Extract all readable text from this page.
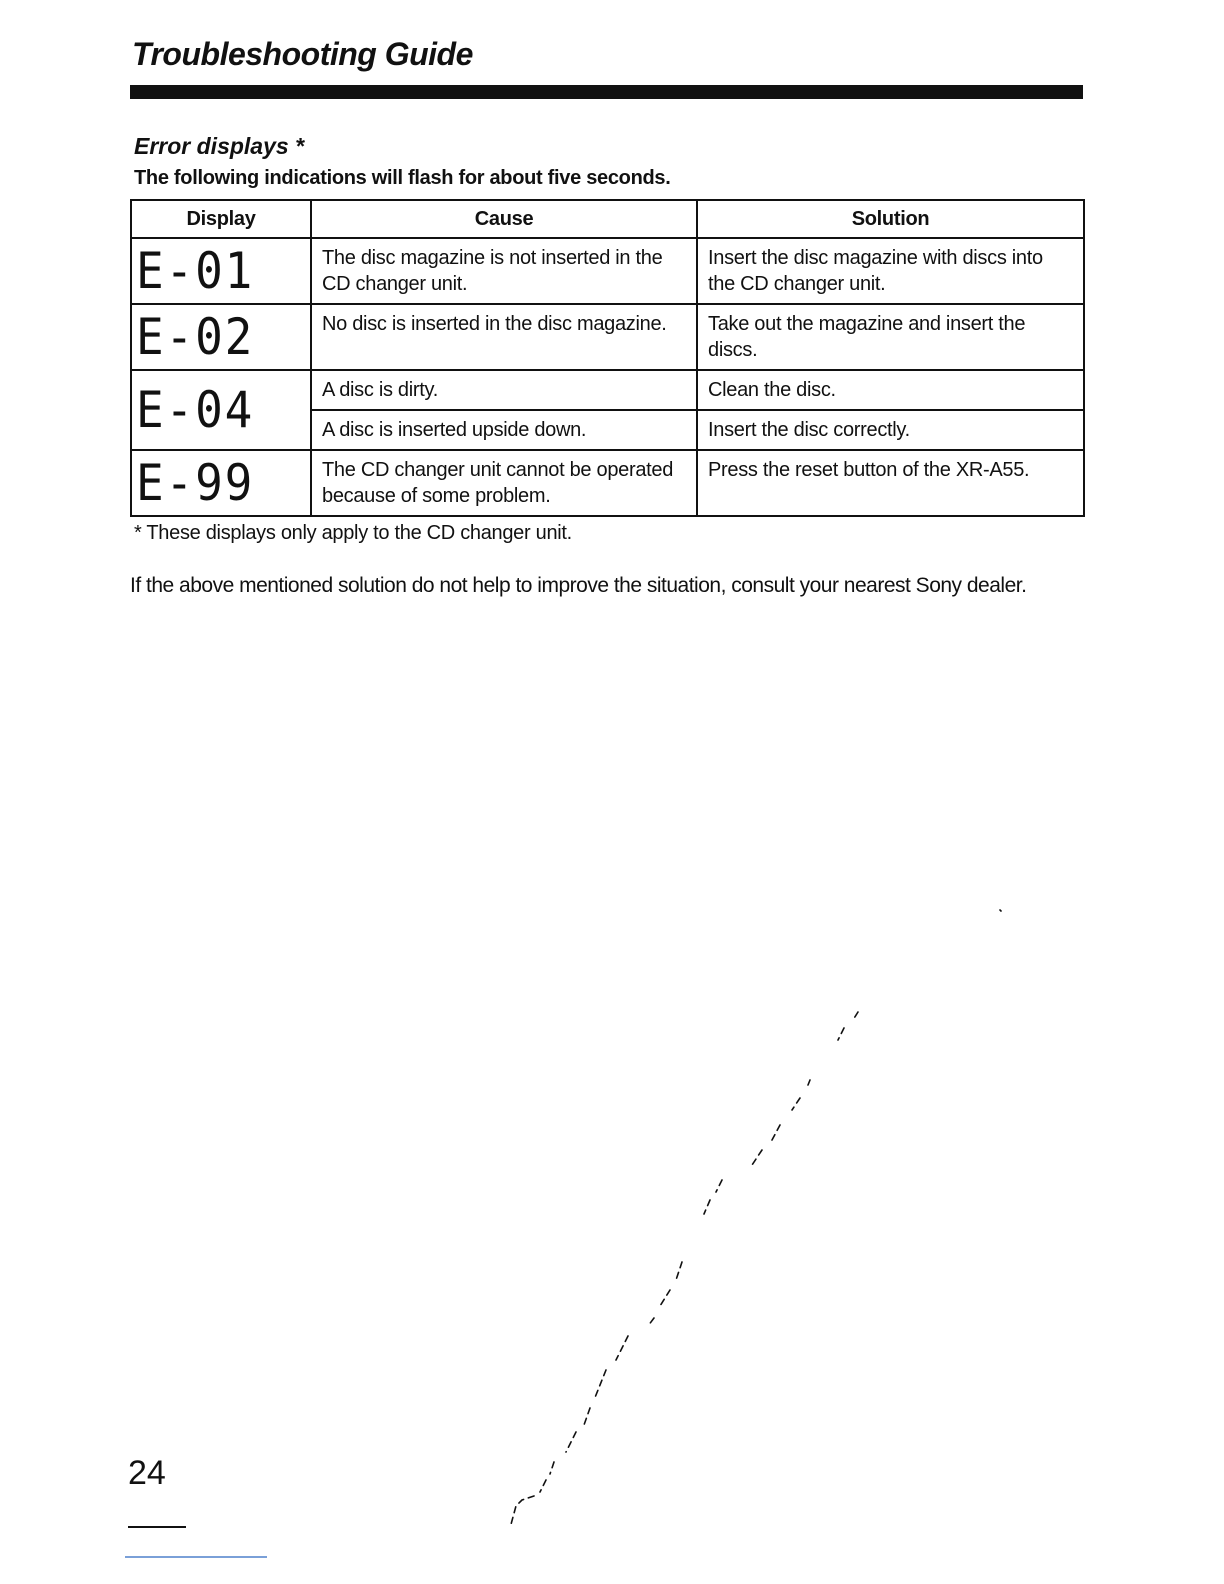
Troubleshooting Guide
Error displays *

The following indications will flash for about five seconds.

Display	Cause	Solution

E-01	The disc magazine is not inserted in the CD changer unit.	Insert the disc magazine with discs into the CD changer unit.

E-02	No disc is inserted in the disc magazine.	Take out the magazine and insert the discs.

E-04	A disc is dirty.	Clean the disc.
	A disc is inserted upside down.	Insert the disc correctly.

E-99	The CD changer unit cannot be operated because of some problem.	Press the reset button of the XR-A55.

* These displays only apply to the CD changer unit.

If the above mentioned solution do not help to improve the situation, consult your nearest Sony dealer.

24
